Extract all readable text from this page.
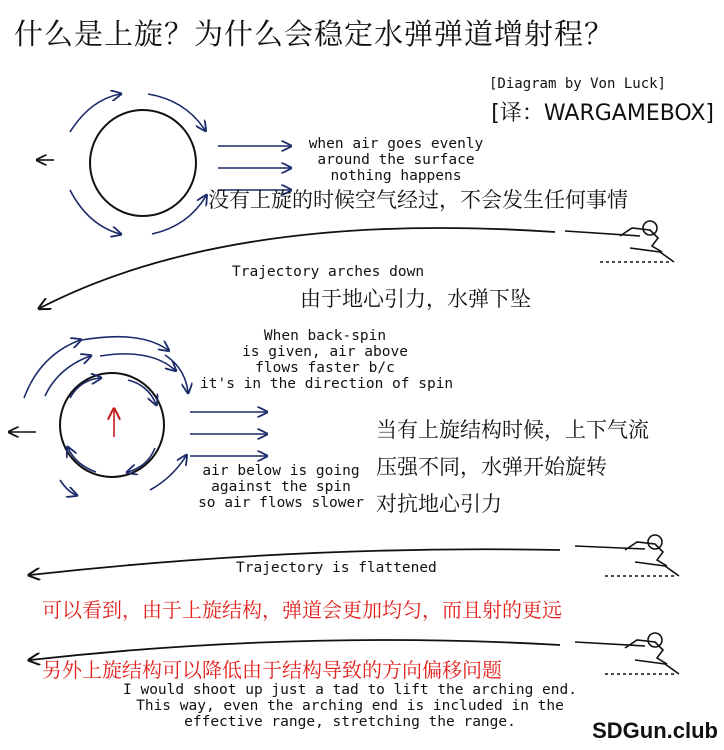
什么是上旋？为什么会稳定水弹弹道增射程？
[Diagram by Von Luck]
[译：WARGAMEBOX]
when air goes evenly
around the surface
nothing happens
没有上旋的时候空气经过，不会发生任何事情
Trajectory arches down
由于地心引力，水弹下坠
When back-spin
is given, air above
flows faster b/c
it's in the direction of spin
air below is going
against the spin
so air flows slower
当有上旋结构时候，上下气流
压强不同，水弹开始旋转
对抗地心引力
Trajectory is flattened
可以看到，由于上旋结构，弹道会更加均匀，而且射的更远
另外上旋结构可以降低由于结构导致的方向偏移问题
I would shoot up just a tad to lift the arching end.
This way, even the arching end is included in the
effective range, stretching the range.	SDGun.club
